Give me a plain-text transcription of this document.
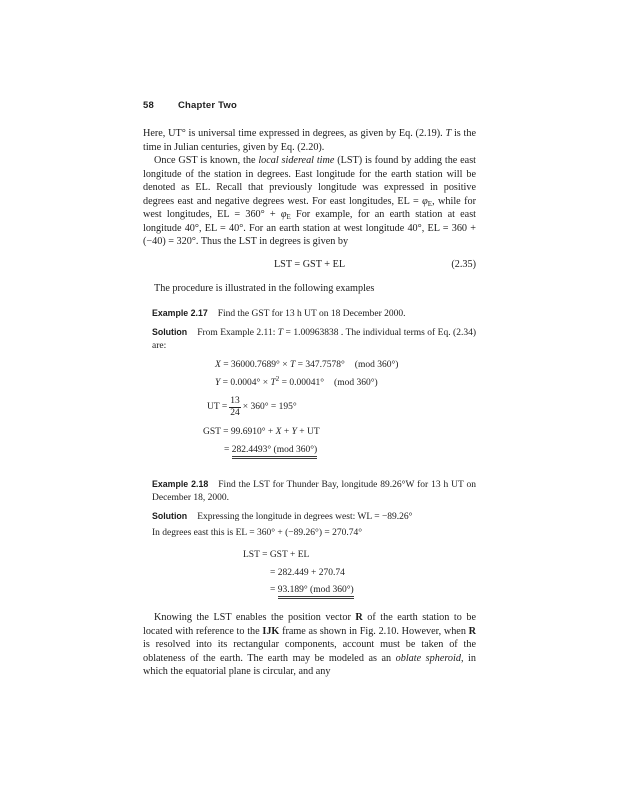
58	Chapter Two

Here, UT° is universal time expressed in degrees, as given by Eq. (2.19). T is the time in Julian centuries, given by Eq. (2.20).

Once GST is known, the local sidereal time (LST) is found by adding the east longitude of the station in degrees. East longitude for the earth station will be denoted as EL. Recall that previously longitude was expressed in positive degrees east and negative degrees west. For east longitudes, EL = $\varphi_E$, while for west longitudes, EL = $360^\circ + \varphi_E$ For example, for an earth station at east longitude 40°, EL = 40°. For an earth station at west longitude 40°, EL = 360 + (−40) = 320°. Thus the LST in degrees is given by

LST = GST + EL	(2.35)

The procedure is illustrated in the following examples

Example 2.17 Find the GST for 13 h UT on 18 December 2000.
Solution From Example 2.11: T = 1.00963838 . The individual terms of Eq. (2.34) are:
X = 36000.7689° × T = 347.7578° (mod 360°)
$Y = 0.0004^\circ \times T^2 = 0.00041^\circ$ (mod 360°)
UT = $\frac{13}{24} \times 360^\circ = 195^\circ$
GST = 99.6910° + X + Y + UT
= 282.4493° (mod 360°)
Example 2.18 Find the LST for Thunder Bay, longitude 89.26°W for 13 h UT on December 18, 2000.
Solution Expressing the longitude in degrees west: WL = −89.26°
In degrees east this is EL = 360° + (−89.26°) = 270.74°
LST = GST + EL
= 282.449 + 270.74
= 93.189° (mod 360°)

Knowing the LST enables the position vector R of the earth station to be located with reference to the IJK frame as shown in Fig. 2.10. However, when R is resolved into its rectangular components, account must be taken of the oblateness of the earth. The earth may be modeled as an oblate spheroid, in which the equatorial plane is circular, and any
